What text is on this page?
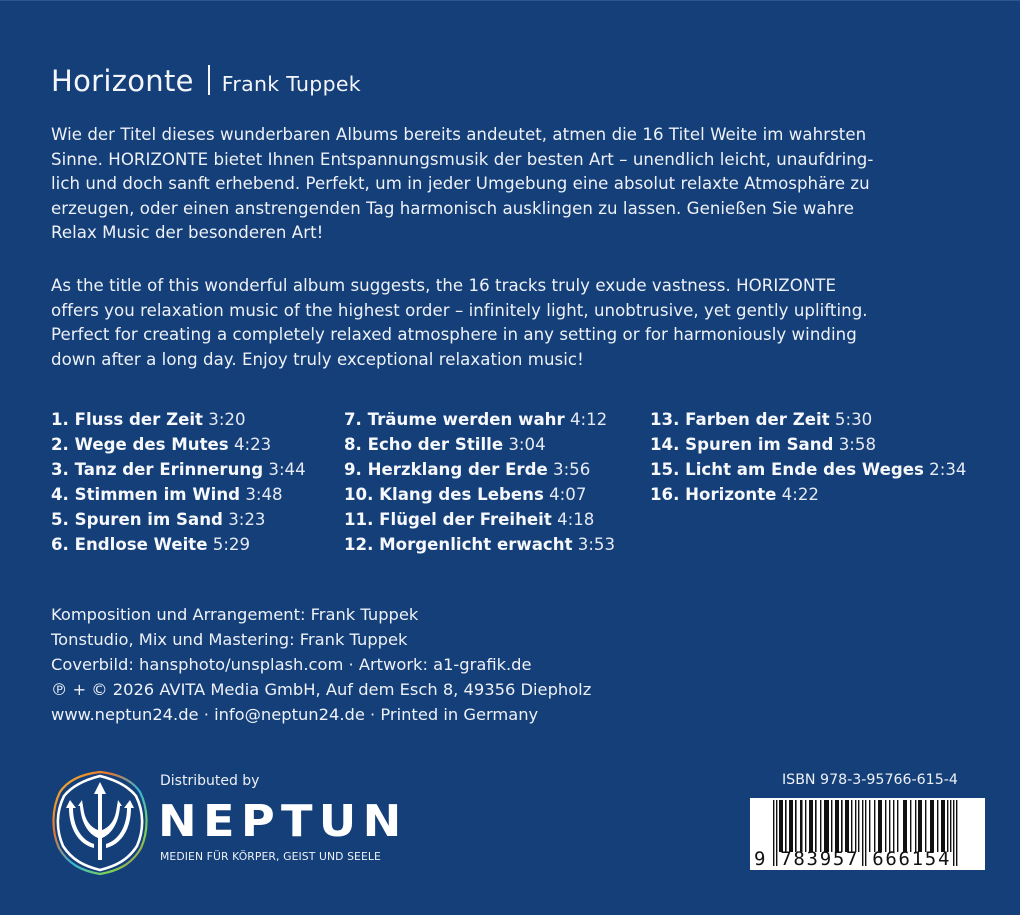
Horizonte Frank Tuppek
Wie der Titel dieses wunderbaren Albums bereits andeutet, atmen die 16 Titel Weite im wahrsten
Sinne. HORIZONTE bietet Ihnen Entspannungsmusik der besten Art – unendlich leicht, unaufdring-
lich und doch sanft erhebend. Perfekt, um in jeder Umgebung eine absolut relaxte Atmosphäre zu
erzeugen, oder einen anstrengenden Tag harmonisch ausklingen zu lassen. Genießen Sie wahre
Relax Music der besonderen Art!
As the title of this wonderful album suggests, the 16 tracks truly exude vastness. HORIZONTE
offers you relaxation music of the highest order – infinitely light, unobtrusive, yet gently uplifting.
Perfect for creating a completely relaxed atmosphere in any setting or for harmoniously winding
down after a long day. Enjoy truly exceptional relaxation music!
1. Fluss der Zeit 3:20
2. Wege des Mutes 4:23
3. Tanz der Erinnerung 3:44
4. Stimmen im Wind 3:48
5. Spuren im Sand 3:23
6. Endlose Weite 5:29
7. Träume werden wahr 4:12
8. Echo der Stille 3:04
9. Herzklang der Erde 3:56
10. Klang des Lebens 4:07
11. Flügel der Freiheit 4:18
12. Morgenlicht erwacht 3:53
13. Farben der Zeit 5:30
14. Spuren im Sand 3:58
15. Licht am Ende des Weges 2:34
16. Horizonte 4:22
Komposition und Arrangement: Frank Tuppek
Tonstudio, Mix und Mastering: Frank Tuppek
Coverbild: hansphoto/unsplash.com · Artwork: a1-grafik.de
℗ + © 2026 AVITA Media GmbH, Auf dem Esch 8, 49356 Diepholz
www.neptun24.de · info@neptun24.de · Printed in Germany
Distributed by
NEPTUN
MEDIEN FÜR KÖRPER, GEIST UND SEELE
ISBN 978-3-95766-615-4
9 783957 666154
